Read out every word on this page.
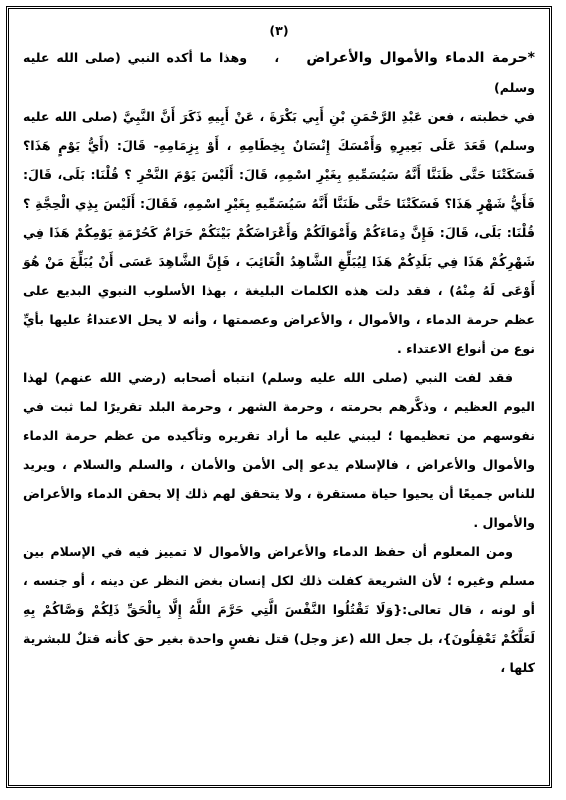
(٣)

*حرمة الدماء والأموال والأعراض    ،    وهذا ما أكده النبي (صلى الله عليه وسلم)

في خطبته ، فعن عَبْدِ الرَّحْمَنِ بْنِ أَبِي بَكْرَةَ ، عَنْ أَبِيهِ ذَكَرَ أَنَّ النَّبِيَّ (صلى الله عليه وسلم) قَعَدَ عَلَى بَعِيرِهِ وَأَمْسَكَ إِنْسَانٌ بِخِطَامِهِ ، أَوْ بِزِمَامِهِ- قَالَ: (أَيُّ يَوْمٍ هَذَا؟ فَسَكَتْنَا حَتَّى ظَنَنَّا أَنَّهُ سَيُسَمِّيهِ بِغَيْرِ اسْمِهِ، قَالَ: أَلَيْسَ يَوْمَ النَّحْرِ ؟ قُلْنَا: بَلَى، قَالَ: فَأَيُّ شَهْرٍ هَذَا؟ فَسَكَتْنَا حَتَّى ظَنَنَّا أَنَّهُ سَيُسَمِّيهِ بِغَيْرِ اسْمِهِ، فَقَالَ: أَلَيْسَ بِذِي الْحِجَّةِ ؟ قُلْنَا: بَلَى، قَالَ: فَإِنَّ دِمَاءَكُمْ وَأَمْوَالَكُمْ وَأَعْرَاضَكُمْ بَيْنَكُمْ حَرَامٌ كَحُرْمَةِ يَوْمِكُمْ هَذَا فِي شَهْرِكُمْ هَذَا فِي بَلَدِكُمْ هَذَا لِيُبَلِّغِ الشَّاهِدُ الْغَائِبَ ، فَإِنَّ الشَّاهِدَ عَسَى أَنْ يُبَلِّغَ مَنْ هُوَ أَوْعَى لَهُ مِنْهُ) ، فقد دلت هذه الكلمات البليغة ، بهذا الأسلوب النبوي البديع على عظم حرمة الدماء ، والأموال ، والأعراض وعصمتها ، وأنه لا يحل الاعتداءُ عليها بأيِّ نوع من أنواع الاعتداء .

فقد لفت النبي (صلى الله عليه وسلم) انتباه أصحابه (رضي الله عنهم) لهذا اليوم العظيم ، وذكَّرهم بحرمته ، وحرمة الشهر ، وحرمة البلد تقريرًا لما ثبت في نفوسهم من تعظيمها ؛ ليبني عليه ما أراد تقريره وتأكيده من عظم حرمة الدماء والأموال والأعراض ، فالإسلام يدعو إلى الأمن والأمان ، والسلم والسلام ، ويريد للناس جميعًا أن يحيوا حياة مستقرة ، ولا يتحقق لهم ذلك إلا بحقن الدماء والأعراض والأموال .

ومن المعلوم أن حفظ الدماء والأعراض والأموال لا تمييز فيه في الإسلام بين مسلم وغيره ؛ لأن الشريعة كفلت ذلك لكل إنسان بغض النظر عن دينه ، أو جنسه ، أو لونه ، قال تعالى:{وَلَا تَقْتُلُوا النَّفْسَ الَّتِي حَرَّمَ اللَّهُ إِلَّا بِالْحَقِّ ذَلِكُمْ وَصَّاكُمْ بِهِ لَعَلَّكُمْ تَعْقِلُونَ}، بل جعل الله (عز وجل) قتل نفسٍ واحدة بغير حق كأنه قتلٌ للبشرية كلها ،
